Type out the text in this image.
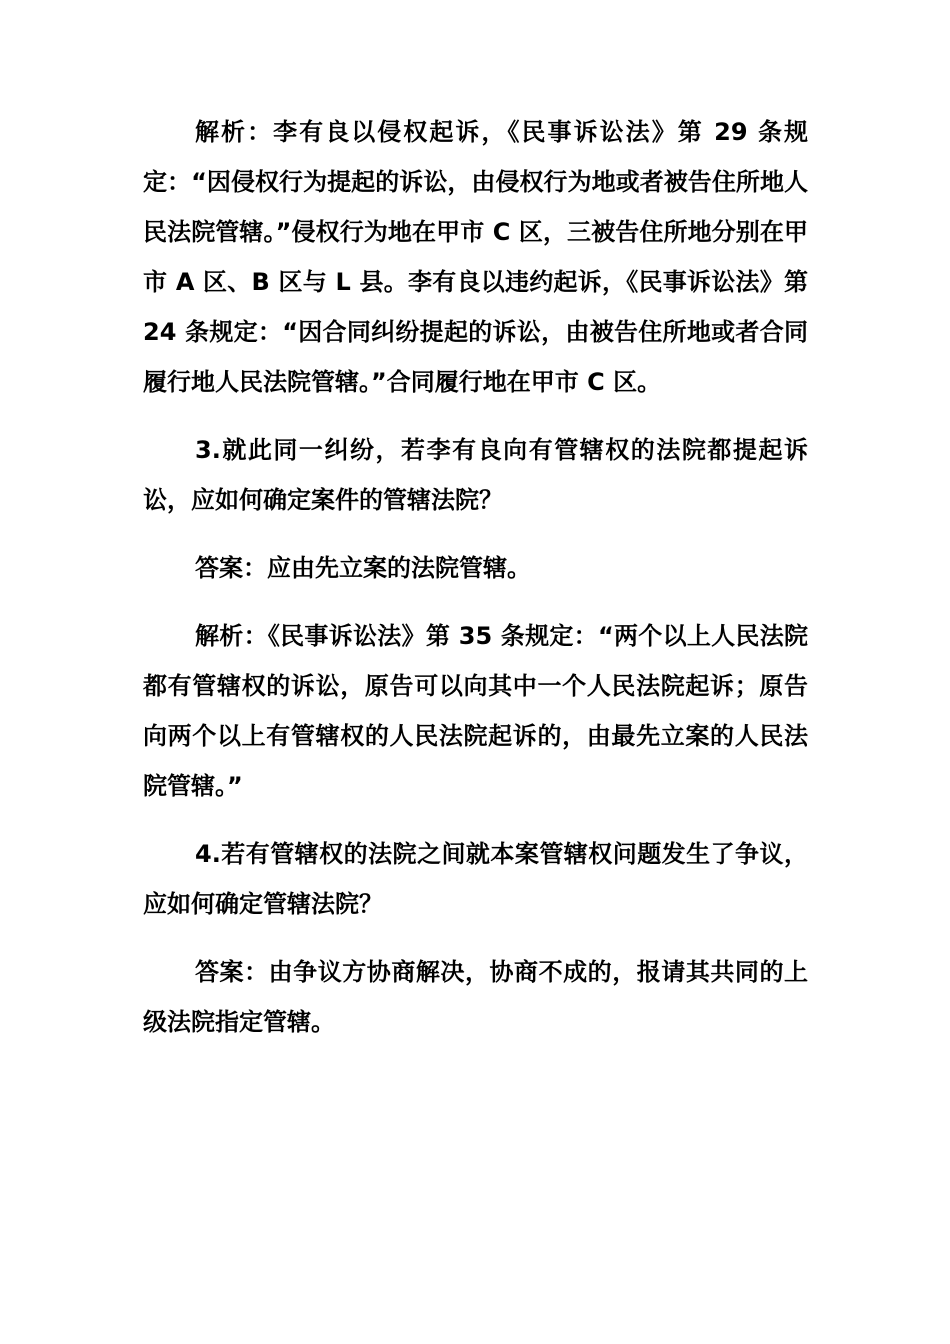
解析：李有良以侵权起诉，《民事诉讼法》第 29 条规定：“因侵权行为提起的诉讼，由侵权行为地或者被告住所地人民法院管辖。”侵权行为地在甲市 C 区，三被告住所地分别在甲市 A 区、B 区与 L 县。李有良以违约起诉，《民事诉讼法》第 24 条规定：“因合同纠纷提起的诉讼，由被告住所地或者合同履行地人民法院管辖。”合同履行地在甲市 C 区。

3.就此同一纠纷，若李有良向有管辖权的法院都提起诉讼，应如何确定案件的管辖法院？

答案：应由先立案的法院管辖。

解析：《民事诉讼法》第 35 条规定：“两个以上人民法院都有管辖权的诉讼，原告可以向其中一个人民法院起诉；原告向两个以上有管辖权的人民法院起诉的，由最先立案的人民法院管辖。”

4.若有管辖权的法院之间就本案管辖权问题发生了争议，应如何确定管辖法院？

答案：由争议方协商解决，协商不成的，报请其共同的上级法院指定管辖。
